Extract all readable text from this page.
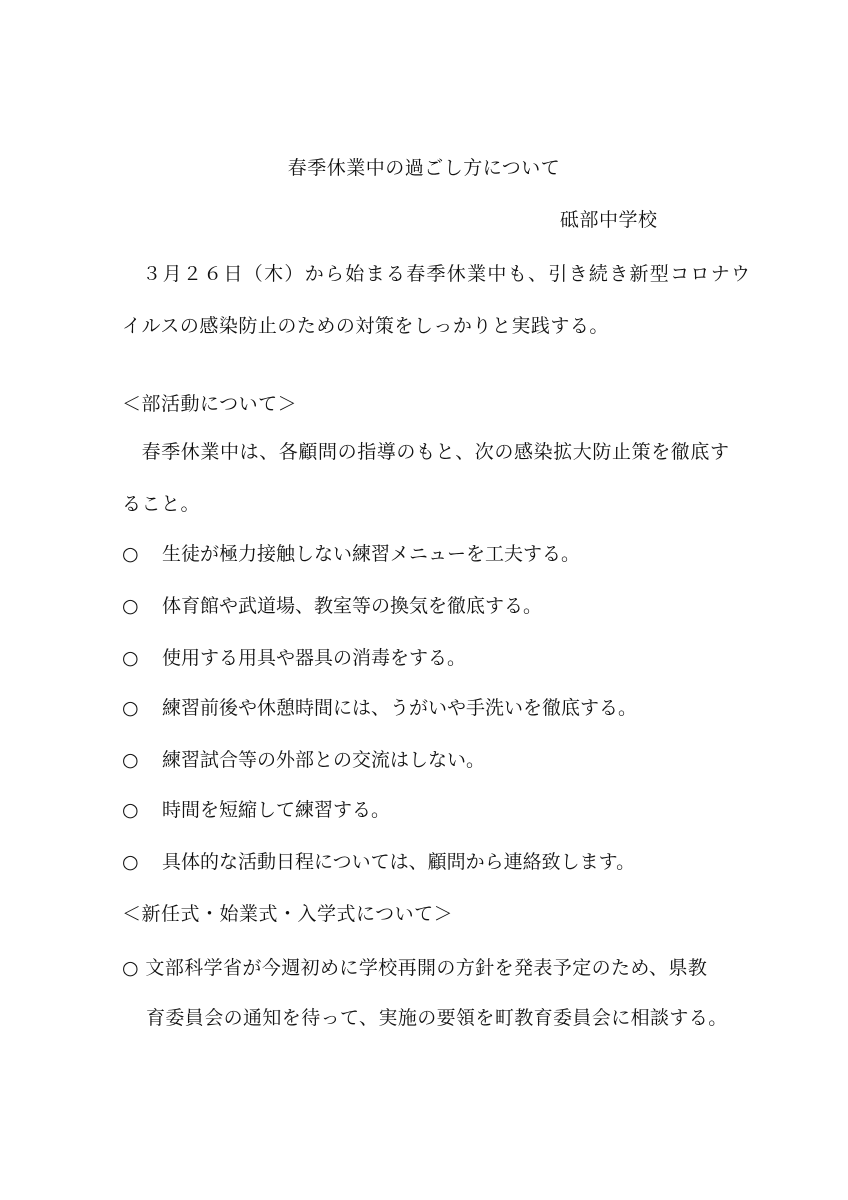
春季休業中の過ごし方について
砥部中学校
　３月２６日（木）から始まる春季休業中も、引き続き新型コロナウ
イルスの感染防止のための対策をしっかりと実践する。
＜部活動について＞
　春季休業中は、各顧問の指導のもと、次の感染拡大防止策を徹底す
ること。
○ 生徒が極力接触しない練習メニューを工夫する。
○ 体育館や武道場、教室等の換気を徹底する。
○ 使用する用具や器具の消毒をする。
○ 練習前後や休憩時間には、うがいや手洗いを徹底する。
○ 練習試合等の外部との交流はしない。
○ 時間を短縮して練習する。
○ 具体的な活動日程については、顧問から連絡致します。
＜新任式・始業式・入学式について＞
○ 文部科学省が今週初めに学校再開の方針を発表予定のため、県教
育委員会の通知を待って、実施の要領を町教育委員会に相談する。
